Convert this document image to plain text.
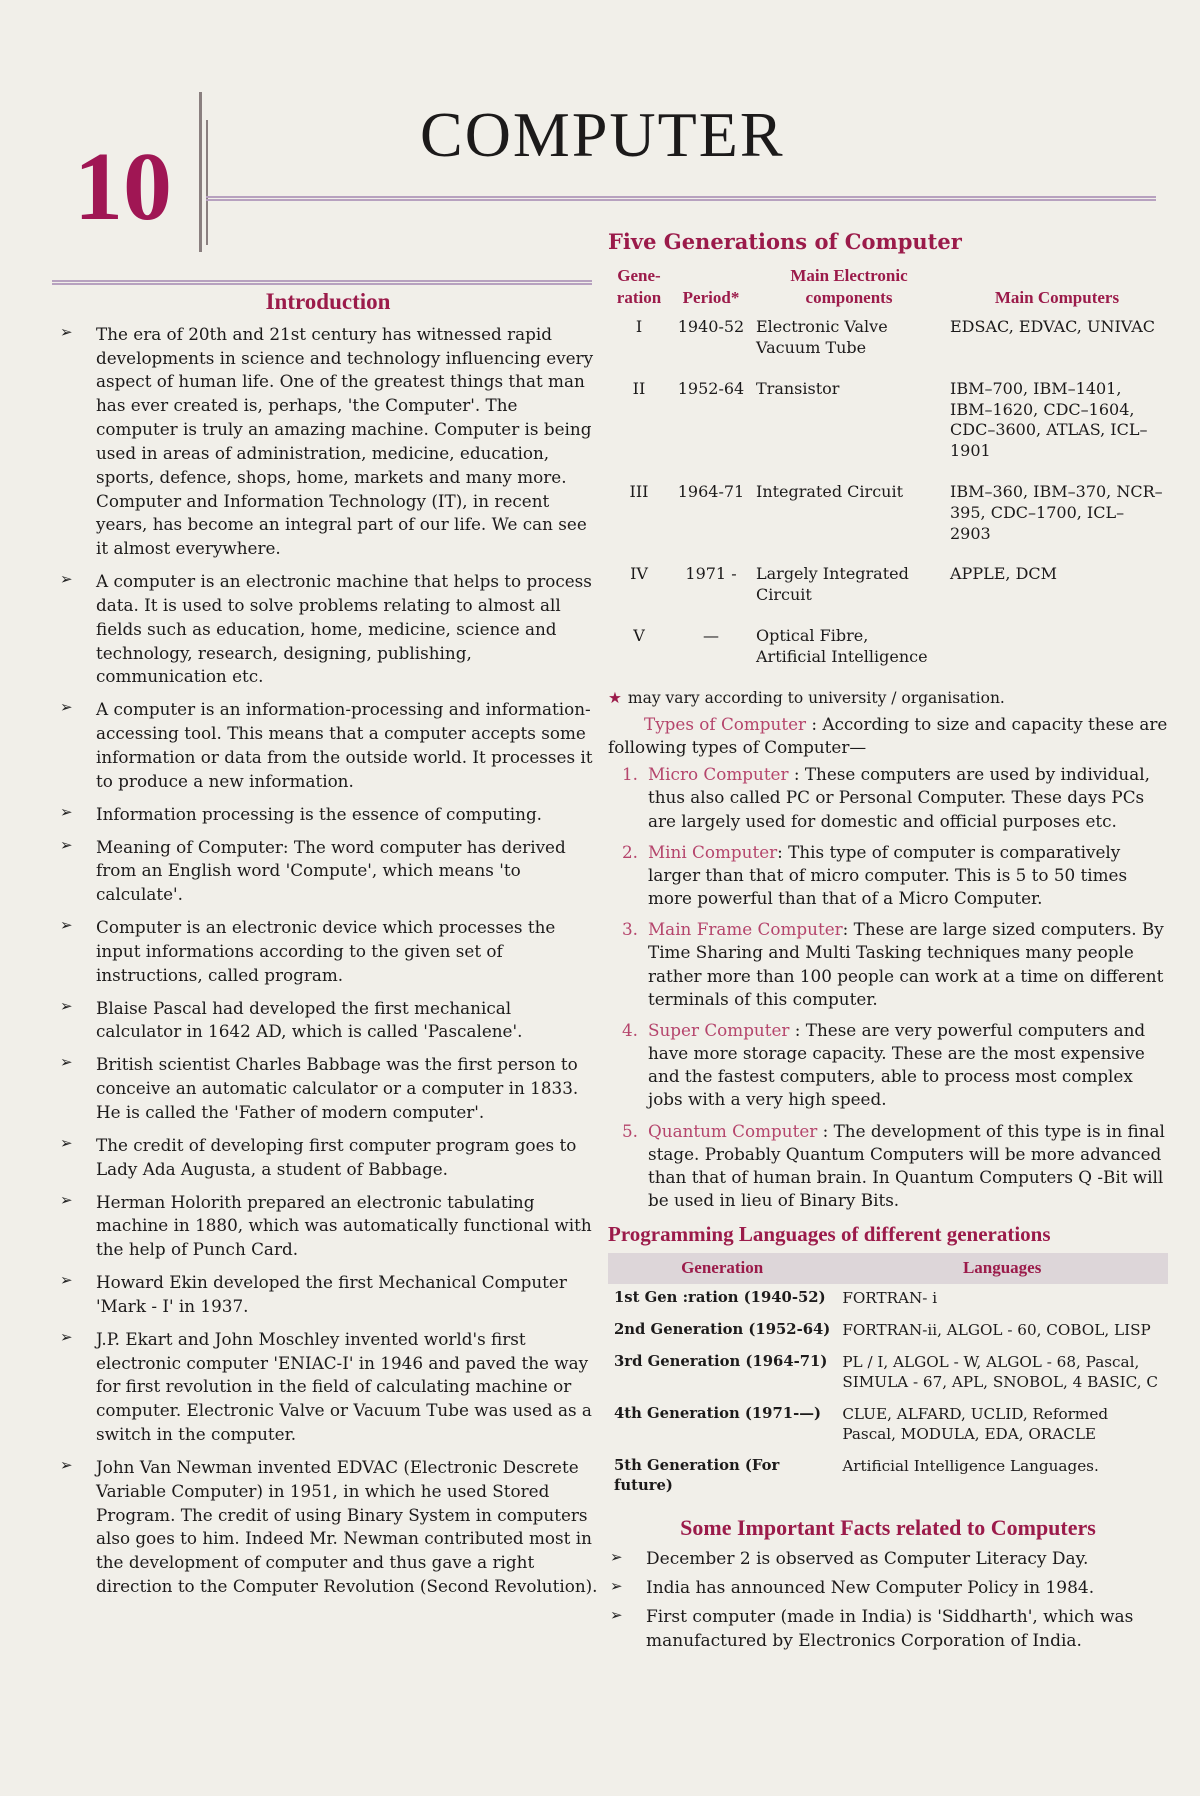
10	COMPUTER
Introduction
➢ The era of 20th and 21st century has witnessed rapid developments in science and technology influencing every aspect of human life. One of the greatest things that man has ever created is, perhaps, 'the Computer'. The computer is truly an amazing machine. Computer is being used in areas of administration, medicine, education, sports, defence, shops, home, markets and many more. Computer and Information Technology (IT), in recent years, has become an integral part of our life. We can see it almost everywhere.
➢ A computer is an electronic machine that helps to process data. It is used to solve problems relating to almost all fields such as education, home, medicine, science and technology, research, designing, publishing, communication etc.
➢ A computer is an information-processing and information-accessing tool. This means that a computer accepts some information or data from the outside world. It processes it to produce a new information.
➢ Information processing is the essence of computing.
➢ Meaning of Computer: The word computer has derived from an English word 'Compute', which means 'to calculate'.
➢ Computer is an electronic device which processes the input informations according to the given set of instructions, called program.
➢ Blaise Pascal had developed the first mechanical calculator in 1642 AD, which is called 'Pascalene'.
➢ British scientist Charles Babbage was the first person to conceive an automatic calculator or a computer in 1833. He is called the 'Father of modern computer'.
➢ The credit of developing first computer program goes to Lady Ada Augusta, a student of Babbage.
➢ Herman Holorith prepared an electronic tabulating machine in 1880, which was automatically functional with the help of Punch Card.
➢ Howard Ekin developed the first Mechanical Computer 'Mark - I' in 1937.
➢ J.P. Ekart and John Moschley invented world's first electronic computer 'ENIAC-I' in 1946 and paved the way for first revolution in the field of calculating machine or computer. Electronic Valve or Vacuum Tube was used as a switch in the computer.
➢ John Van Newman invented EDVAC (Electronic Descrete Variable Computer) in 1951, in which he used Stored Program. The credit of using Binary System in computers also goes to him. Indeed Mr. Newman contributed most in the development of computer and thus gave a right direction to the Computer Revolution (Second Revolution).
Five Generations of Computer
Gene- ration	Period*	Main Electronic components	Main Computers
I	1940-52	Electronic Valve Vacuum Tube	EDSAC, EDVAC, UNIVAC
II	1952-64	Transistor	IBM–700, IBM–1401, IBM–1620, CDC–1604, CDC–3600, ATLAS, ICL–1901
III	1964-71	Integrated Circuit	IBM–360, IBM–370, NCR–395, CDC–1700, ICL–2903
IV	1971 -	Largely Integrated Circuit	APPLE, DCM
V	—	Optical Fibre, Artificial Intelligence	
★ may vary according to university / organisation.

Types of Computer : According to size and capacity these are following types of Computer—

1. Micro Computer : These computers are used by individual, thus also called PC or Personal Computer. These days PCs are largely used for domestic and official purposes etc.
2. Mini Computer: This type of computer is comparatively larger than that of micro computer. This is 5 to 50 times more powerful than that of a Micro Computer.
3. Main Frame Computer: These are large sized computers. By Time Sharing and Multi Tasking techniques many people rather more than 100 people can work at a time on different terminals of this computer.
4. Super Computer : These are very powerful computers and have more storage capacity. These are the most expensive and the fastest computers, able to process most complex jobs with a very high speed.
5. Quantum Computer : The development of this type is in final stage. Probably Quantum Computers will be more advanced than that of human brain. In Quantum Computers Q -Bit will be used in lieu of Binary Bits.
Programming Languages of different generations
Generation	Languages
1st Gen :ration (1940-52)	FORTRAN- i
2nd Generation (1952-64)	FORTRAN-ii, ALGOL - 60, COBOL, LISP
3rd Generation (1964-71)	PL / I, ALGOL - W, ALGOL - 68, Pascal, SIMULA - 67, APL, SNOBOL, 4 BASIC, C
4th Generation (1971-—)	CLUE, ALFARD, UCLID, Reformed Pascal, MODULA, EDA, ORACLE
5th Generation (For future)	Artificial Intelligence Languages.
Some Important Facts related to Computers
➢ December 2 is observed as Computer Literacy Day.
➢ India has announced New Computer Policy in 1984.
➢ First computer (made in India) is 'Siddharth', which was manufactured by Electronics Corporation of India.
